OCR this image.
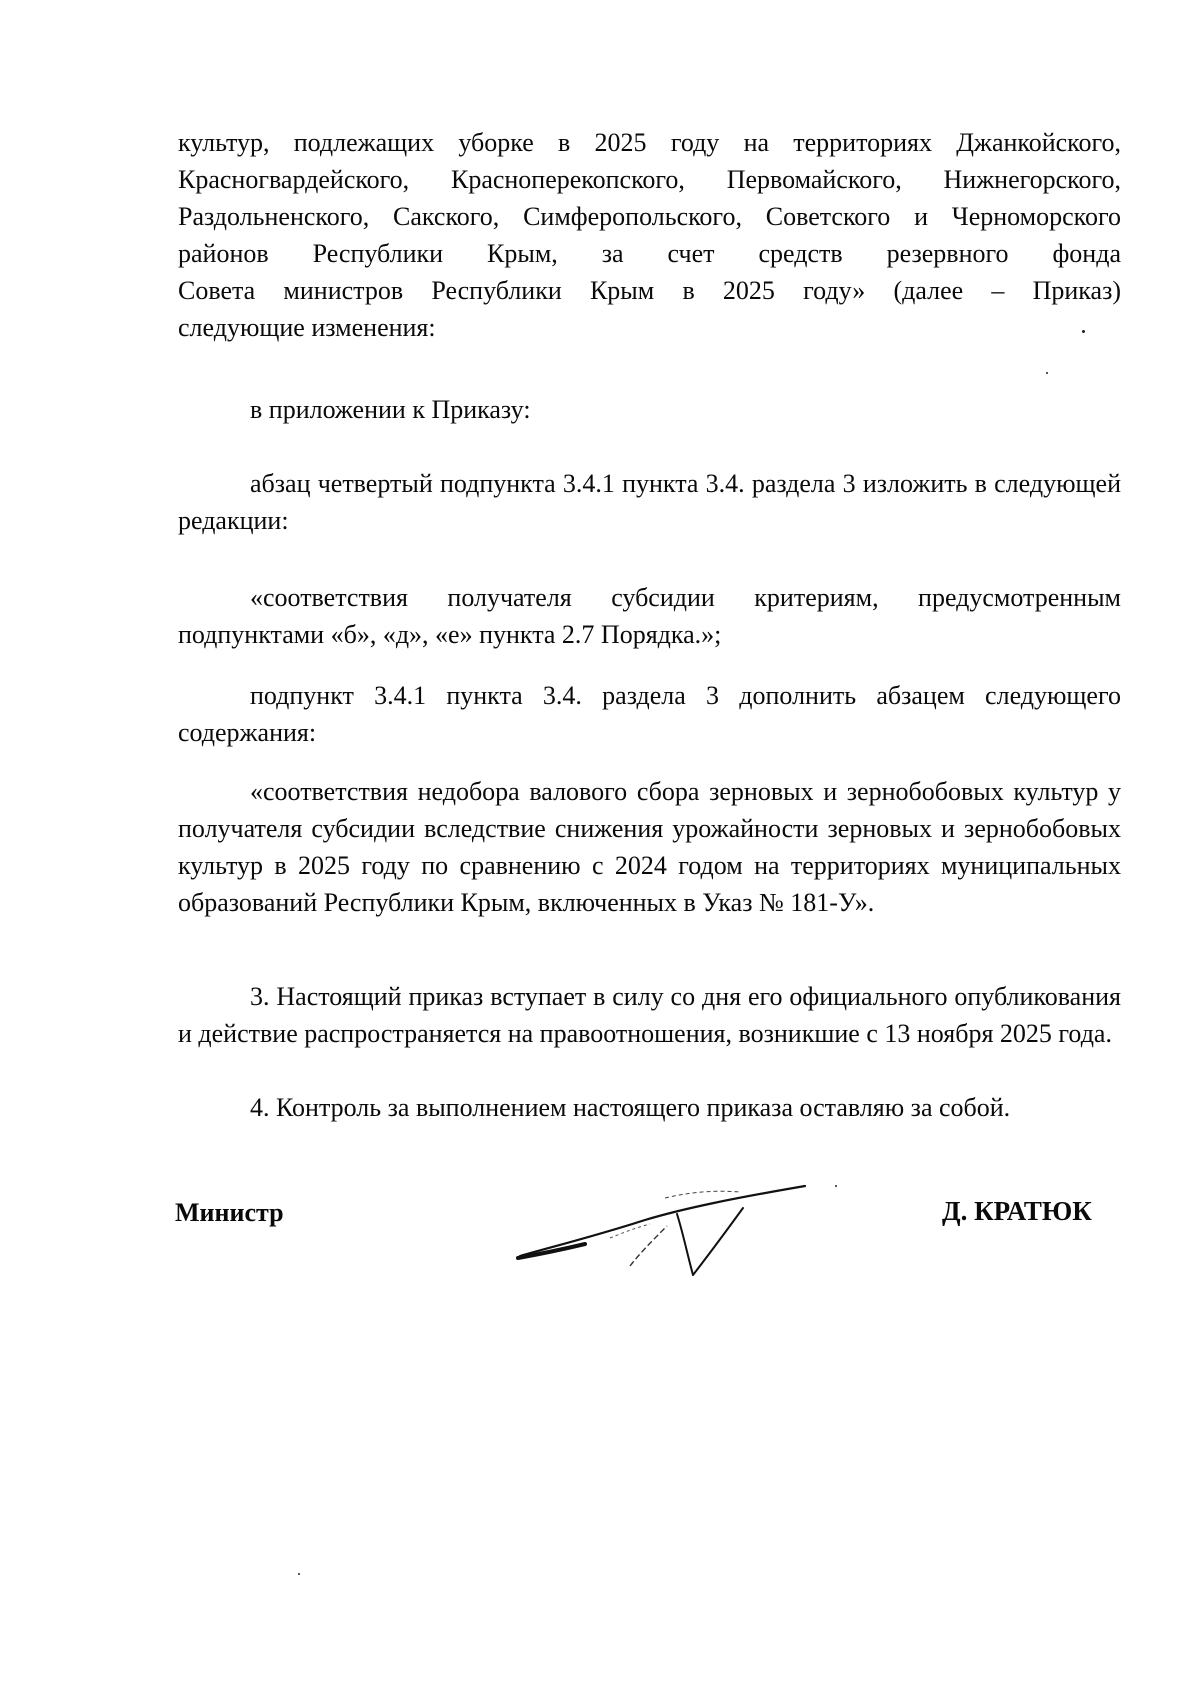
культур, подлежащих уборке в 2025 году на территориях Джанкойского,

Красногвардейского, Красноперекопского, Первомайского, Нижнегорского,

Раздольненского, Сакского, Симферопольского, Советского и Черноморского

районов Республики Крым, за счет средств резервного фонда

Совета министров Республики Крым в 2025 году» (далее – Приказ)

следующие изменения:

в приложении к Приказу:

абзац четвертый подпункта 3.4.1 пункта 3.4. раздела 3 изложить в следующей редакции:

«соответствия получателя субсидии критериям, предусмотренным подпунктами «б», «д», «е» пункта 2.7 Порядка.»;

подпункт 3.4.1 пункта 3.4. раздела 3 дополнить абзацем следующего содержания:

«соответствия недобора валового сбора зерновых и зернобобовых культур у получателя субсидии вследствие снижения урожайности зерновых и зернобобовых культур в 2025 году по сравнению с 2024 годом на территориях муниципальных образований Республики Крым, включенных в Указ № 181-У».

3. Настоящий приказ вступает в силу со дня его официального опубликования и действие распространяется на правоотношения, возникшие с 13 ноября 2025 года.

4. Контроль за выполнением настоящего приказа оставляю за собой.

Министр	Д. КРАТЮК
